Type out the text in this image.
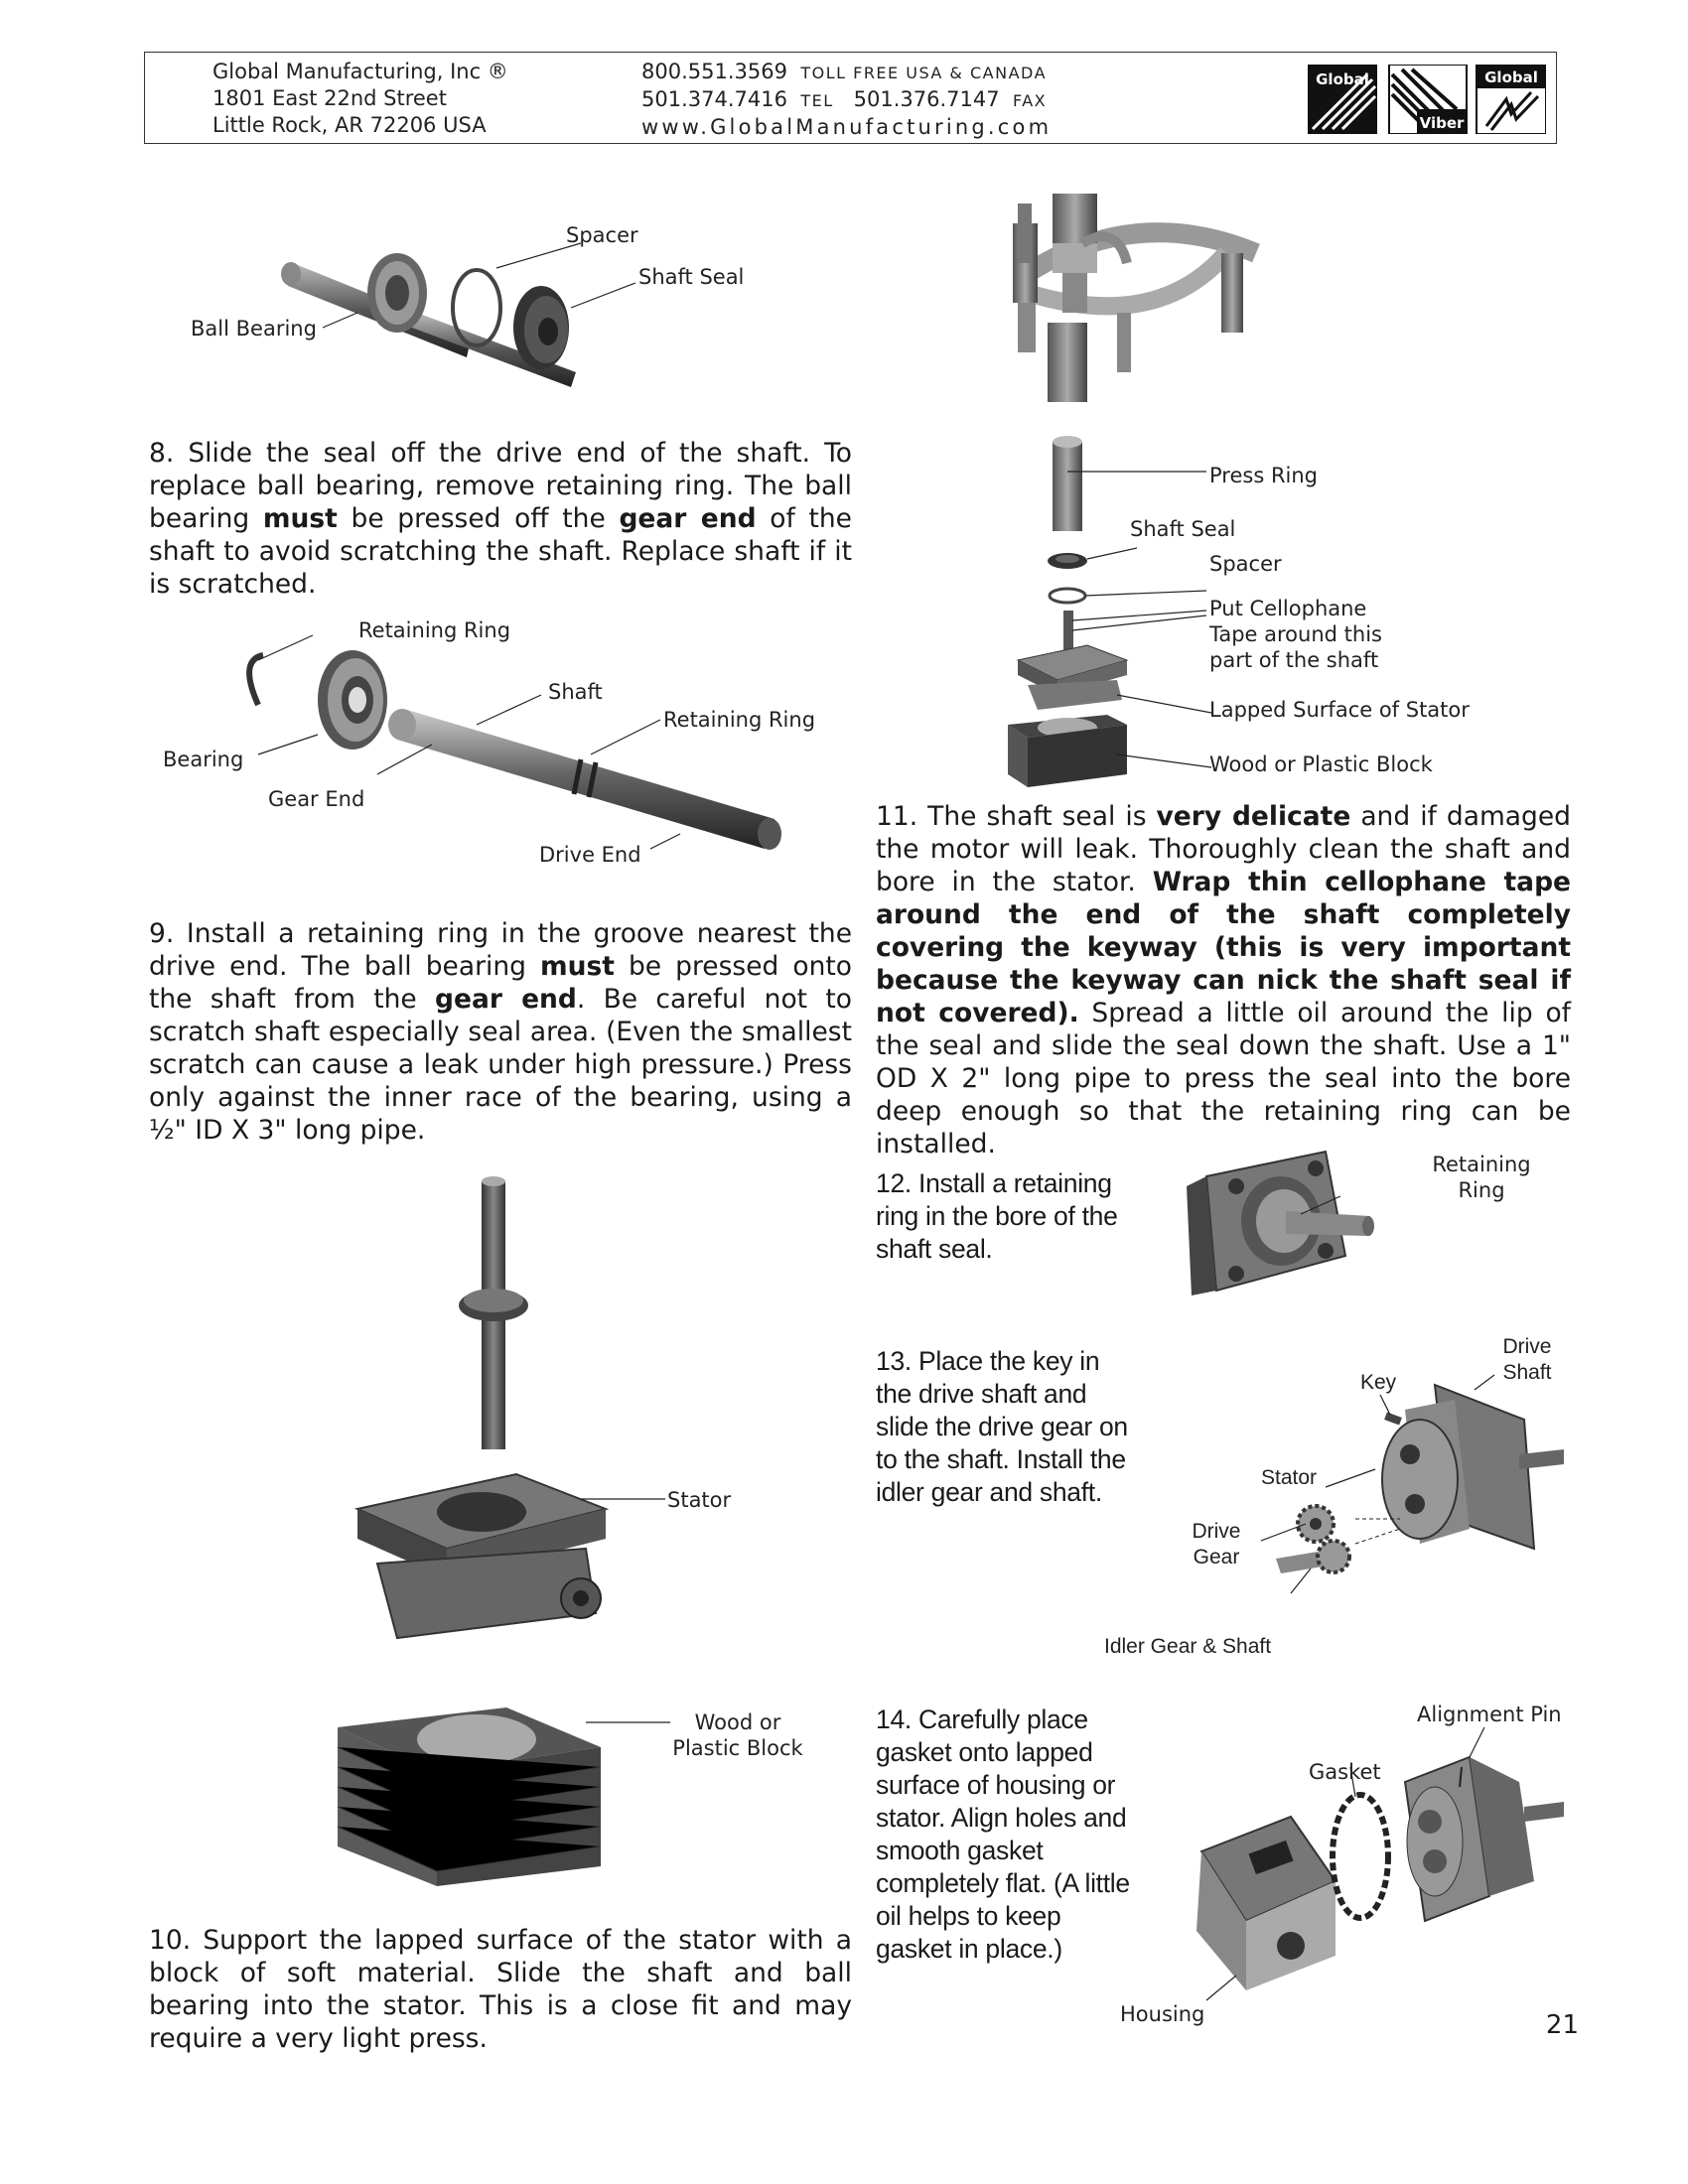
Global Manufacturing, Inc ®
1801 East 22nd Street
Little Rock, AR 72206 USA
800.551.3569 TOLL FREE USA & CANADA
501.374.7416 TEL 501.376.7147 FAX
www.GlobalManufacturing.com
Global
Viber
Global
Spacer
Shaft Seal
Ball Bearing

8. Slide the seal off the drive end of the shaft. To replace ball bearing, remove retaining ring. The ball bearing must be pressed off the gear end of the shaft to avoid scratching the shaft. Replace shaft if it is scratched.

Retaining Ring
Shaft
Retaining Ring
Bearing
Gear End
Drive End

9. Install a retaining ring in the groove nearest the drive end. The ball bearing must be pressed onto the shaft from the gear end. Be careful not to scratch shaft especially seal area. (Even the smallest scratch can cause a leak under high pressure.) Press only against the inner race of the bearing, using a ½" ID X 3" long pipe.

Stator
Wood or
Plastic Block

10. Support the lapped surface of the stator with a block of soft material. Slide the shaft and ball bearing into the stator. This is a close fit and may require a very light press.

Press Ring
Shaft Seal
Spacer
Put Cellophane
Tape around this
part of the shaft
Lapped Surface of Stator
Wood or Plastic Block

11. The shaft seal is very delicate and if damaged the motor will leak. Thoroughly clean the shaft and bore in the stator. Wrap thin cellophane tape around the end of the shaft completely covering the keyway (this is very important because the keyway can nick the shaft seal if not covered). Spread a little oil around the lip of the seal and slide the seal down the shaft. Use a 1" OD X 2" long pipe to press the seal into the bore deep enough so that the retaining ring can be installed.

12. Install a retaining ring in the bore of the shaft seal.
Retaining
Ring
13. Place the key in the drive shaft and slide the drive gear on to the shaft. Install the idler gear and shaft.
Key
Drive
Shaft
Stator
Drive
Gear
Idler Gear & Shaft
14. Carefully place gasket onto lapped surface of housing or stator. Align holes and smooth gasket completely flat. (A little oil helps to keep gasket in place.)
Alignment Pin
Gasket
Housing	21
